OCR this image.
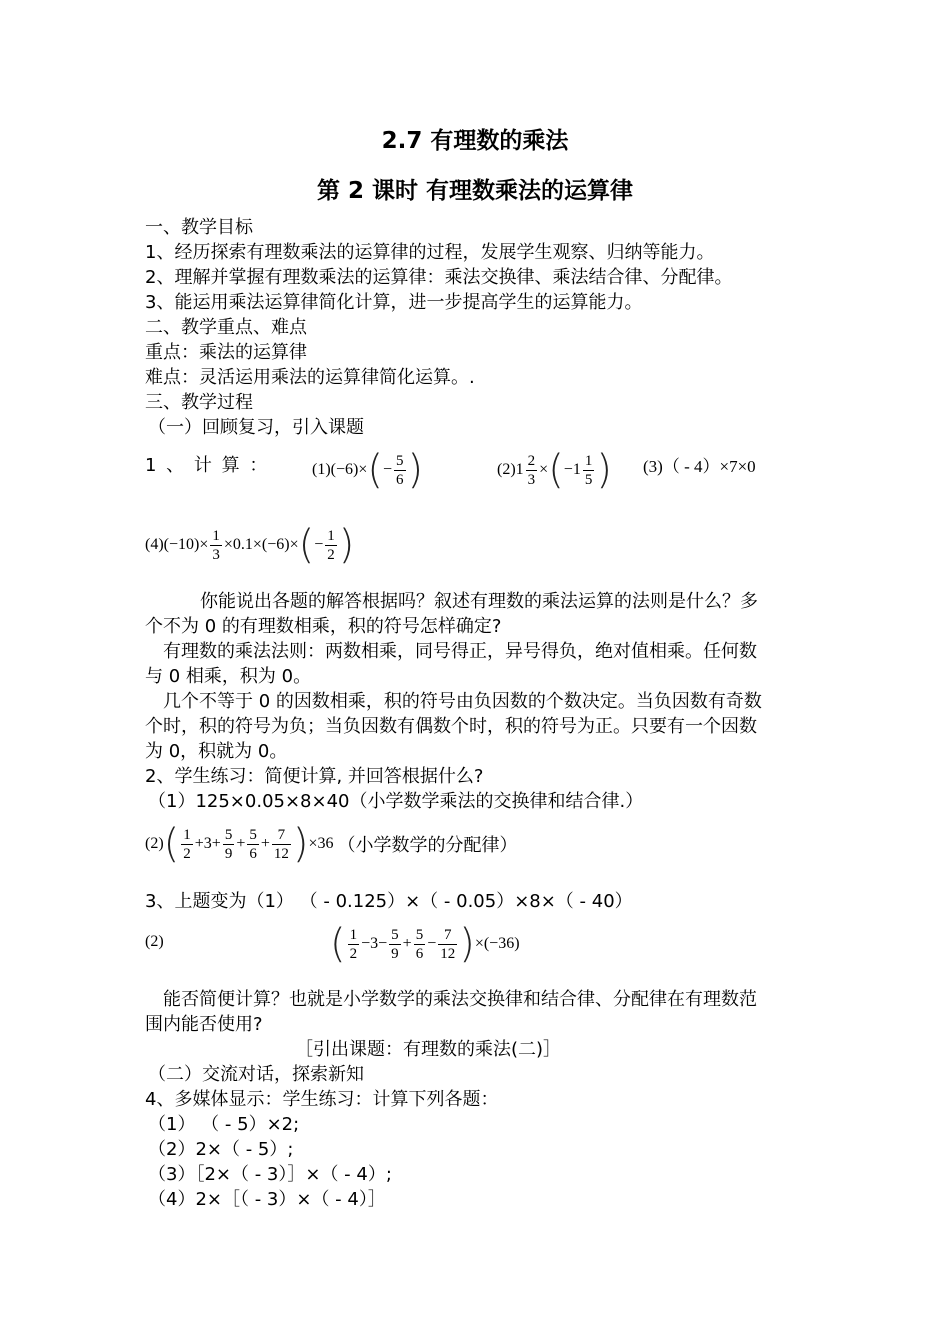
2.7 有理数的乘法
第 2 课时 有理数乘法的运算律
一、教学目标
1、经历探索有理数乘法的运算律的过程，发展学生观察、归纳等能力。
2、理解并掌握有理数乘法的运算律：乘法交换律、乘法结合律、分配律。
3、能运用乘法运算律简化计算，进一步提高学生的运算能力。
二、教学重点、难点
重点：乘法的运算律
难点：灵活运用乘法的运算律简化运算。.
三、教学过程
（一）回顾复习，引入课题
1 、 计 算 ：	(1)(−6)× ( − $\frac{5}{6}$ )	(2) $1 \frac{2}{3}$ × ( $-1 \frac{1}{5}$ ) (3)（ - 4）×7×0
$(4)(-10)\times \frac{1}{3} \times 0.1\times(-6)\times$ ( − $\frac{1}{2}$ )
你能说出各题的解答根据吗？叙述有理数的乘法运算的法则是什么？多
个不为 0 的有理数相乘，积的符号怎样确定?
有理数的乘法法则：两数相乘，同号得正，异号得负，绝对值相乘。任何数
与 0 相乘，积为 0。
几个不等于 0 的因数相乘，积的符号由负因数的个数决定。当负因数有奇数
个时，积的符号为负；当负因数有偶数个时，积的符号为正。只要有一个因数
为 0，积就为 0。
2、学生练习：简便计算, 并回答根据什么?
（1）125×0.05×8×40（小学数学乘法的交换律和结合律.）
(2) ( $\frac{1}{2} +3+ \frac{5}{9} + \frac{5}{6} + \frac{7}{12}$ ) ×36 （小学数学的分配律）
3、上题变为（1） （ - 0.125）×（ - 0.05）×8×（ - 40）
(2)	( $\frac{1}{2} -3- \frac{5}{9} + \frac{5}{6} - \frac{7}{12}$ ) ×(−36)
能否简便计算？也就是小学数学的乘法交换律和结合律、分配律在有理数范
围内能否使用?
［引出课题：有理数的乘法(二)］
（二）交流对话，探索新知
4、多媒体显示：学生练习：计算下列各题：
（1） （ - 5）×2;
（2）2×（ - 5）;
（3）［2×（ - 3）］×（ - 4）;
（4）2×［（ - 3）×（ - 4）］
